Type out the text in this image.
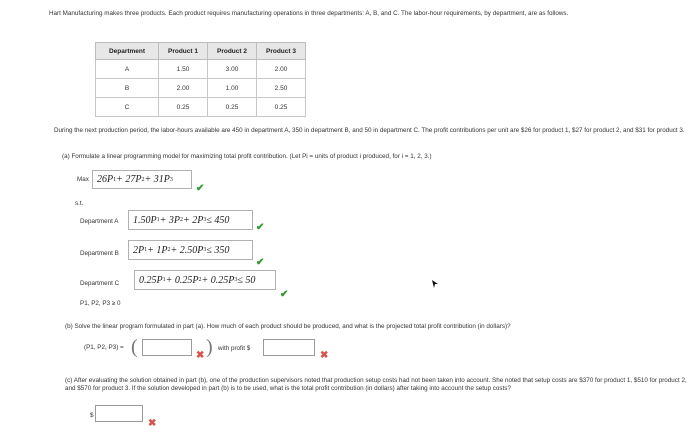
Hart Manufacturing makes three products. Each product requires manufacturing operations in three departments: A, B, and C. The labor-hour requirements, by department, are as follows.
Department	Product 1	Product 2	Product 3
A	1.50	3.00	2.00
B	2.00	1.00	2.50
C	0.25	0.25	0.25
During the next production period, the labor-hours available are 450 in department A, 350 in department B, and 50 in department C. The profit contributions per unit are $26 for product 1, $27 for product 2, and $31 for product 3.
(a) Formulate a linear programming model for maximizing total profit contribution. (Let Pi = units of product i produced, for i = 1, 2, 3.)
Max 26P 1 + 27P 2 + 31P 3
✔
s.t.
Department A 1.50P 1 + 3P 2 + 2P 3 ≤ 450
✔
Department B 2P 1 + 1P 2 + 2.50P 3 ≤ 350
✔
Department C 0.25P 1 + 0.25P 2 + 0.25P 3 ≤ 50
✔
P1, P2, P3 ≥ 0
(b) Solve the linear program formulated in part (a). How much of each product should be produced, and what is the projected total profit contribution (in dollars)?
(P1, P2, P3) = (	✖ ) with profit $
✖
(c) After evaluating the solution obtained in part (b), one of the production supervisors noted that production setup costs had not been taken into account. She noted that setup costs are $370 for product 1, $510 for product 2, and $570 for product 3. If the solution developed in part (b) is to be used, what is the total profit contribution (in dollars) after taking into account the setup costs?
$
✖
